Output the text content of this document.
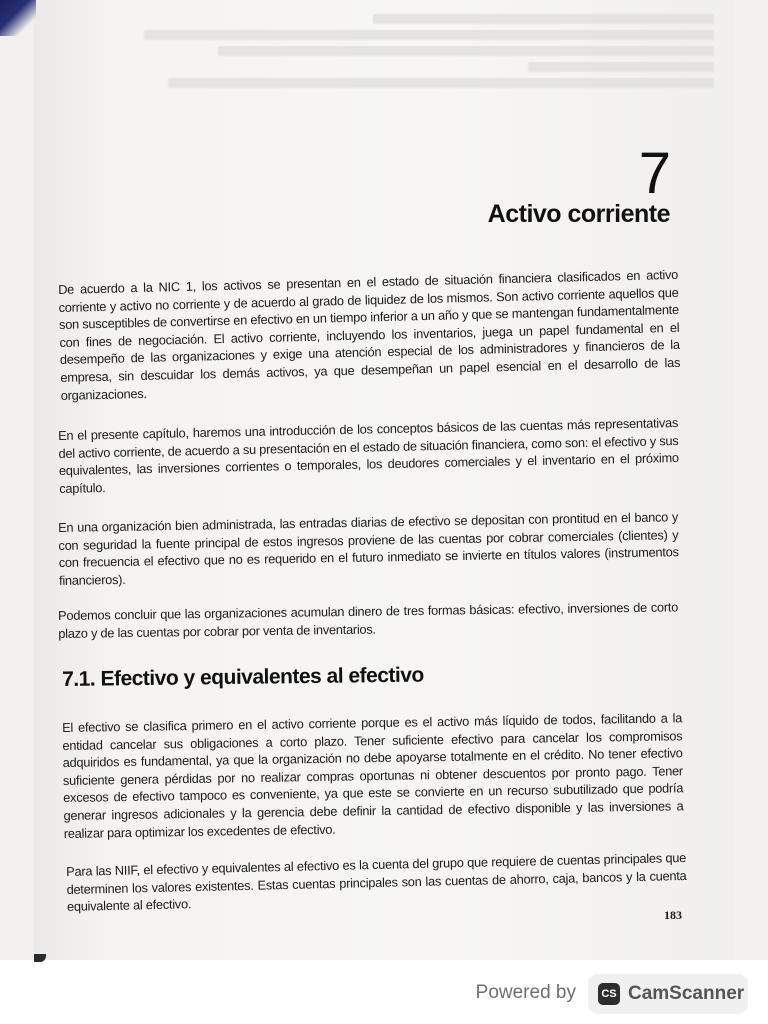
7
Activo corriente

De acuerdo a la NIC 1, los activos se presentan en el estado de situación financiera clasificados en activo corriente y activo no corriente y de acuerdo al grado de liquidez de los mismos. Son activo corriente aquellos que son susceptibles de convertirse en efectivo en un tiempo inferior a un año y que se mantengan fundamentalmente con fines de negociación. El activo corriente, incluyendo los inventarios, juega un papel fundamental en el desempeño de las organizaciones y exige una atención especial de los administradores y financieros de la empresa, sin descuidar los demás activos, ya que desempeñan un papel esencial en el desarrollo de las organizaciones.

En el presente capítulo, haremos una introducción de los conceptos básicos de las cuentas más representativas del activo corriente, de acuerdo a su presentación en el estado de situación financiera, como son: el efectivo y sus equivalentes, las inversiones corrientes o temporales, los deudores comerciales y el inventario en el próximo capítulo.

En una organización bien administrada, las entradas diarias de efectivo se depositan con prontitud en el banco y con seguridad la fuente principal de estos ingresos proviene de las cuentas por cobrar comerciales (clientes) y con frecuencia el efectivo que no es requerido en el futuro inmediato se invierte en títulos valores (instrumentos financieros).

Podemos concluir que las organizaciones acumulan dinero de tres formas básicas: efectivo, inversiones de corto plazo y de las cuentas por cobrar por venta de inventarios.

7.1. Efectivo y equivalentes al efectivo

El efectivo se clasifica primero en el activo corriente porque es el activo más líquido de todos, facilitando a la entidad cancelar sus obligaciones a corto plazo. Tener suficiente efectivo para cancelar los compromisos adquiridos es fundamental, ya que la organización no debe apoyarse totalmente en el crédito. No tener efectivo suficiente genera pérdidas por no realizar compras oportunas ni obtener descuentos por pronto pago. Tener excesos de efectivo tampoco es conveniente, ya que este se convierte en un recurso subutilizado que podría generar ingresos adicionales y la gerencia debe definir la cantidad de efectivo disponible y las inversiones a realizar para optimizar los excedentes de efectivo.

Para las NIIF, el efectivo y equivalentes al efectivo es la cuenta del grupo que requiere de cuentas principales que determinen los valores existentes. Estas cuentas principales son las cuentas de ahorro, caja, bancos y la cuenta equivalente al efectivo.

183
Powered by	CS CamScanner
